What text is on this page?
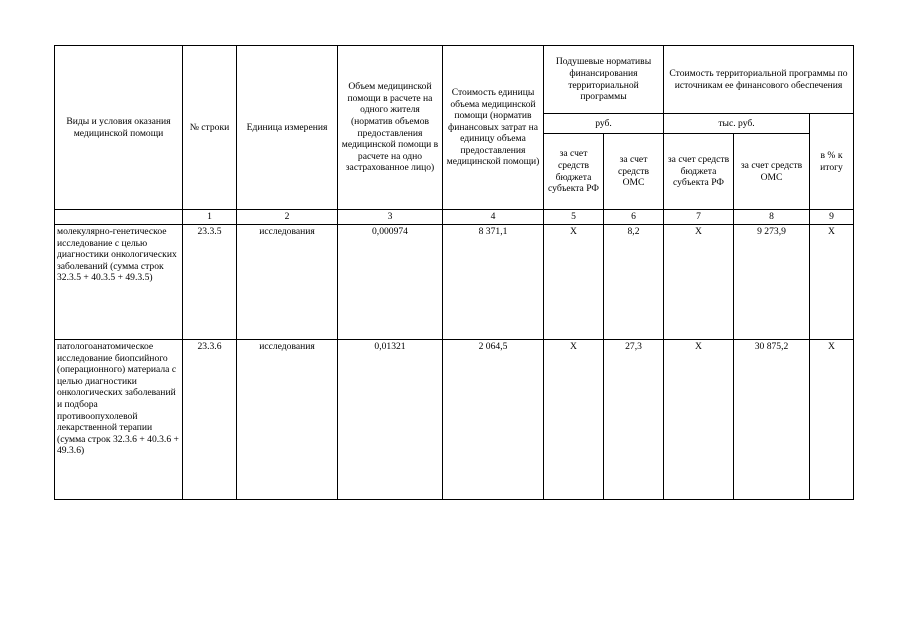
Виды и условия оказания медицинской помощи	№ строки	Единица измерения	Объем медицинской помощи в расчете на одного жителя (норматив объемов предоставления медицинской помощи в расчете на одно застрахованное лицо)	Стоимость единицы объема медицинской помощи (норматив финансовых затрат на единицу объема предоставления медицинской помощи)	Подушевые нормативы финансирования территориальной программы		Стоимость территориальной программы по источникам ее финансового обеспечения		
					руб.		тыс. руб.		в % к итогу
					за счет средств бюджета субъекта РФ	за счет средств ОМС	за счет средств бюджета субъекта РФ	за счет средств ОМС	
	1	2	3	4	5	6	7	8	9
молекулярно-генетическое исследование с целью диагностики онкологических заболеваний (сумма строк 32.3.5 + 40.3.5 + 49.3.5)	23.3.5	исследования	0,000974	8 371,1	Х	8,2	Х	9 273,9	Х
патологоанатомическое исследование биопсийного (операционного) материала с целью диагностики онкологических заболеваний и подбора противоопухолевой лекарственной терапии (сумма строк 32.3.6 + 40.3.6 + 49.3.6)	23.3.6	исследования	0,01321	2 064,5	Х	27,3	Х	30 875,2	Х
